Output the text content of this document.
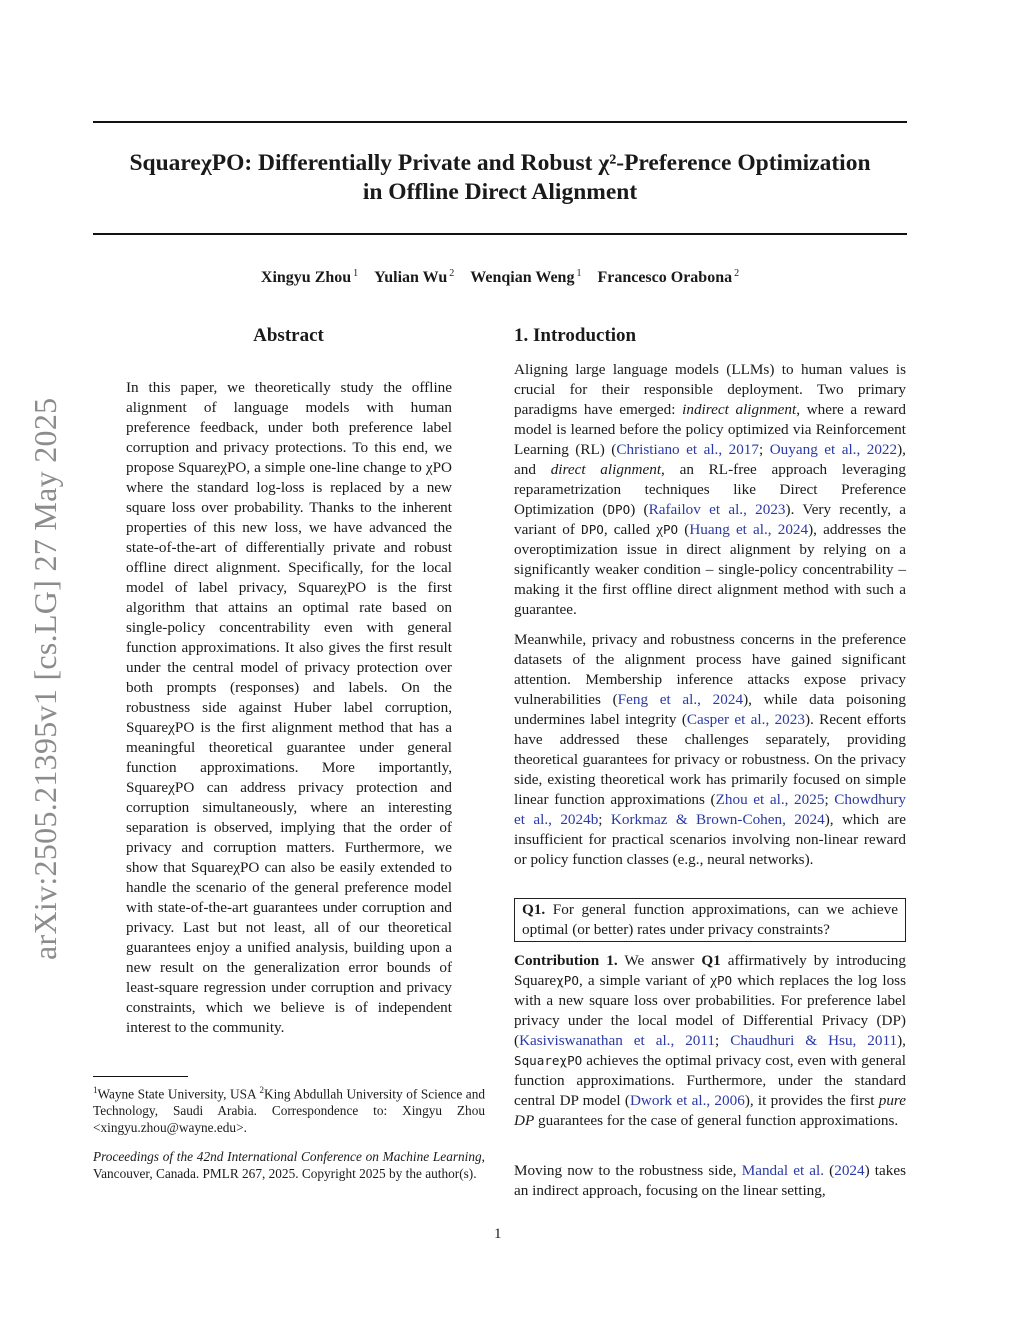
SquareχPO: Differentially Private and Robust χ²-Preference Optimization

in Offline Direct Alignment

Xingyu Zhou $^1$ Yulian Wu $^2$ Wenqian Weng $^1$ Francesco Orabona $^2$
arXiv:2505.21395v1 [cs.LG] 27 May 2025
Abstract

In this paper, we theoretically study the offline alignment of language models with human preference feedback, under both preference label corruption and privacy protections. To this end, we propose SquareχPO, a simple one-line change to χPO where the standard log-loss is replaced by a new square loss over probability. Thanks to the inherent properties of this new loss, we have advanced the state-of-the-art of differentially private and robust offline direct alignment. Specifically, for the local model of label privacy, SquareχPO is the first algorithm that attains an optimal rate based on single-policy concentrability even with general function approximations. It also gives the first result under the central model of privacy protection over both prompts (responses) and labels. On the robustness side against Huber label corruption, SquareχPO is the first alignment method that has a meaningful theoretical guarantee under general function approximations. More importantly, SquareχPO can address privacy protection and corruption simultaneously, where an interesting separation is observed, implying that the order of privacy and corruption matters. Furthermore, we show that SquareχPO can also be easily extended to handle the scenario of the general preference model with state-of-the-art guarantees under corruption and privacy. Last but not least, all of our theoretical guarantees enjoy a unified analysis, building upon a new result on the generalization error bounds of least-square regression under corruption and privacy constraints, which we believe is of independent interest to the community.

$^1$Wayne State University, USA $^2$King Abdullah University of Science and Technology, Saudi Arabia. Correspondence to: Xingyu Zhou <xingyu.zhou@wayne.edu>.

Proceedings of the 42nd International Conference on Machine Learning, Vancouver, Canada. PMLR 267, 2025. Copyright 2025 by the author(s).

1. Introduction

Aligning large language models (LLMs) to human values is crucial for their responsible deployment. Two primary paradigms have emerged: indirect alignment, where a reward model is learned before the policy optimized via Reinforcement Learning (RL) (Christiano et al., 2017; Ouyang et al., 2022), and direct alignment, an RL-free approach leveraging reparametrization techniques like Direct Preference Optimization (DPO) (Rafailov et al., 2023). Very recently, a variant of DPO, called χPO (Huang et al., 2024), addresses the overoptimization issue in direct alignment by relying on a significantly weaker condition – single-policy concentrability – making it the first offline direct alignment method with such a guarantee.

Meanwhile, privacy and robustness concerns in the preference datasets of the alignment process have gained significant attention. Membership inference attacks expose privacy vulnerabilities (Feng et al., 2024), while data poisoning undermines label integrity (Casper et al., 2023). Recent efforts have addressed these challenges separately, providing theoretical guarantees for privacy or robustness. On the privacy side, existing theoretical work has primarily focused on simple linear function approximations (Zhou et al., 2025; Chowdhury et al., 2024b; Korkmaz & Brown-Cohen, 2024), which are insufficient for practical scenarios involving non-linear reward or policy function classes (e.g., neural networks).

Q1. For general function approximations, can we achieve optimal (or better) rates under privacy constraints?

Contribution 1. We answer Q1 affirmatively by introducing SquareχPO, a simple variant of χPO which replaces the log loss with a new square loss over probabilities. For preference label privacy under the local model of Differential Privacy (DP) (Kasiviswanathan et al., 2011; Chaudhuri & Hsu, 2011), SquareχPO achieves the optimal privacy cost, even with general function approximations. Furthermore, under the standard central DP model (Dwork et al., 2006), it provides the first pure DP guarantees for the case of general function approximations.

Moving now to the robustness side, Mandal et al. (2024) takes an indirect approach, focusing on the linear setting,

1
